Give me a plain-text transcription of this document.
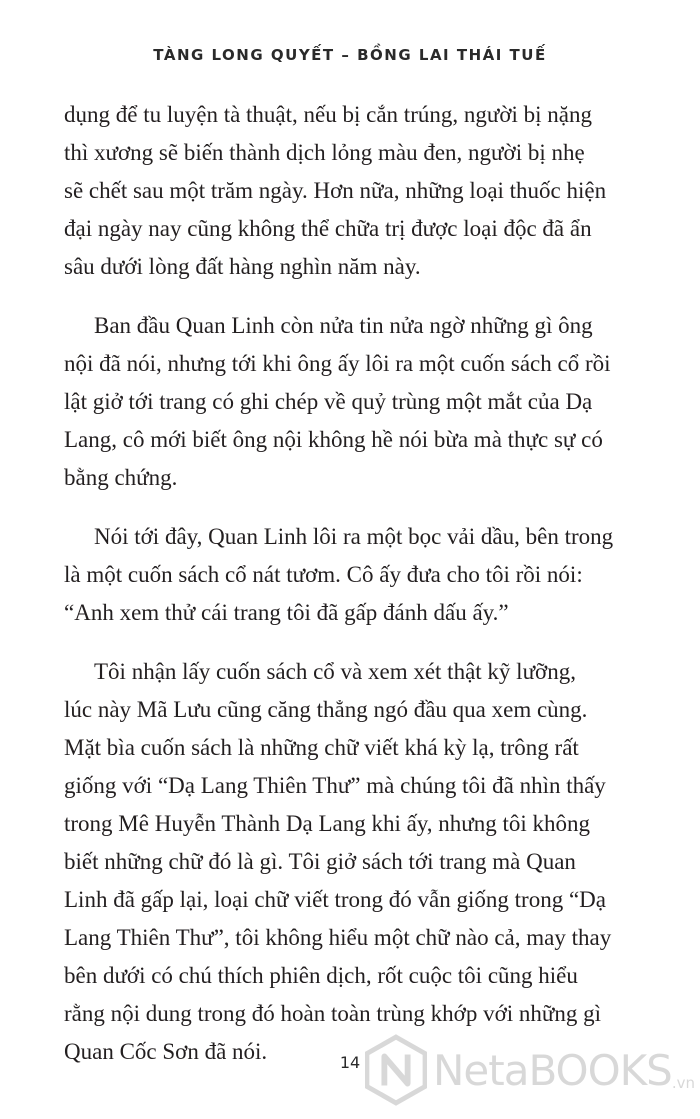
TÀNG LONG QUYẾT – BỒNG LAI THÁI TUẾ

dụng để tu luyện tà thuật, nếu bị cắn trúng, người bị nặng
thì xương sẽ biến thành dịch lỏng màu đen, người bị nhẹ
sẽ chết sau một trăm ngày. Hơn nữa, những loại thuốc hiện
đại ngày nay cũng không thể chữa trị được loại độc đã ẩn
sâu dưới lòng đất hàng nghìn năm này.

Ban đầu Quan Linh còn nửa tin nửa ngờ những gì ông
nội đã nói, nhưng tới khi ông ấy lôi ra một cuốn sách cổ rồi
lật giở tới trang có ghi chép về quỷ trùng một mắt của Dạ
Lang, cô mới biết ông nội không hề nói bừa mà thực sự có
bằng chứng.

Nói tới đây, Quan Linh lôi ra một bọc vải dầu, bên trong
là một cuốn sách cổ nát tươm. Cô ấy đưa cho tôi rồi nói:
“Anh xem thử cái trang tôi đã gấp đánh dấu ấy.”

Tôi nhận lấy cuốn sách cổ và xem xét thật kỹ lưỡng,
lúc này Mã Lưu cũng căng thẳng ngó đầu qua xem cùng.
Mặt bìa cuốn sách là những chữ viết khá kỳ lạ, trông rất
giống với “Dạ Lang Thiên Thư” mà chúng tôi đã nhìn thấy
trong Mê Huyễn Thành Dạ Lang khi ấy, nhưng tôi không
biết những chữ đó là gì. Tôi giở sách tới trang mà Quan
Linh đã gấp lại, loại chữ viết trong đó vẫn giống trong “Dạ
Lang Thiên Thư”, tôi không hiểu một chữ nào cả, may thay
bên dưới có chú thích phiên dịch, rốt cuộc tôi cũng hiểu
rằng nội dung trong đó hoàn toàn trùng khớp với những gì
Quan Cốc Sơn đã nói.	14	NetaBOOKS .vn
